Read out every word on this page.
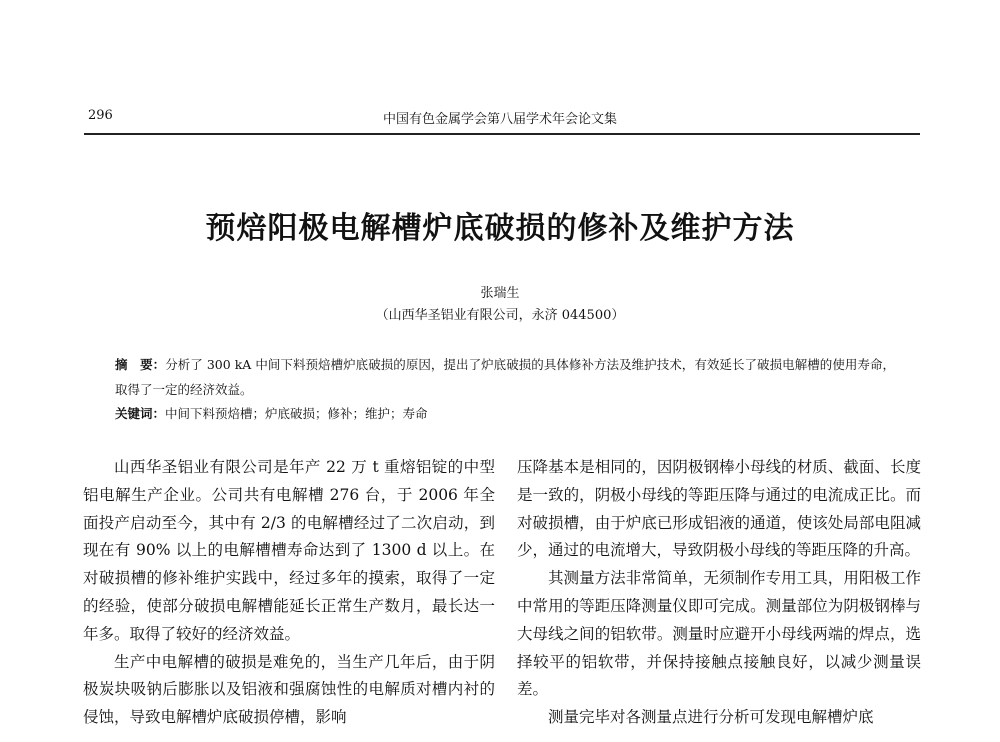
296	中国有色金属学会第八届学术年会论文集
预焙阳极电解槽炉底破损的修补及维护方法
张瑞生
（山西华圣铝业有限公司，永济 044500）
摘　要：分析了 300 kA 中间下料预焙槽炉底破损的原因，提出了炉底破损的具体修补方法及维护技术，有效延长了破损电解槽的使用寿命，取得了一定的经济效益。
关键词：中间下料预焙槽；炉底破损；修补；维护；寿命

山西华圣铝业有限公司是年产 22 万 t 重熔铝锭的中型铝电解生产企业。公司共有电解槽 276 台，于 2006 年全面投产启动至今，其中有 2/3 的电解槽经过了二次启动，到现在有 90% 以上的电解槽槽寿命达到了 1300 d 以上。在对破损槽的修补维护实践中，经过多年的摸索，取得了一定的经验，使部分破损电解槽能延长正常生产数月，最长达一年多。取得了较好的经济效益。

生产中电解槽的破损是难免的，当生产几年后，由于阴极炭块吸钠后膨胀以及铝液和强腐蚀性的电解质对槽内衬的侵蚀，导致电解槽炉底破损停槽，影响

压降基本是相同的，因阴极钢棒小母线的材质、截面、长度是一致的，阴极小母线的等距压降与通过的电流成正比。而对破损槽，由于炉底已形成铝液的通道，使该处局部电阻减少，通过的电流增大，导致阴极小母线的等距压降的升高。

其测量方法非常简单，无须制作专用工具，用阳极工作中常用的等距压降测量仪即可完成。测量部位为阴极钢棒与大母线之间的铝软带。测量时应避开小母线两端的焊点，选择较平的铝软带，并保持接触点接触良好，以减少测量误差。

测量完毕对各测量点进行分析可发现电解槽炉底
